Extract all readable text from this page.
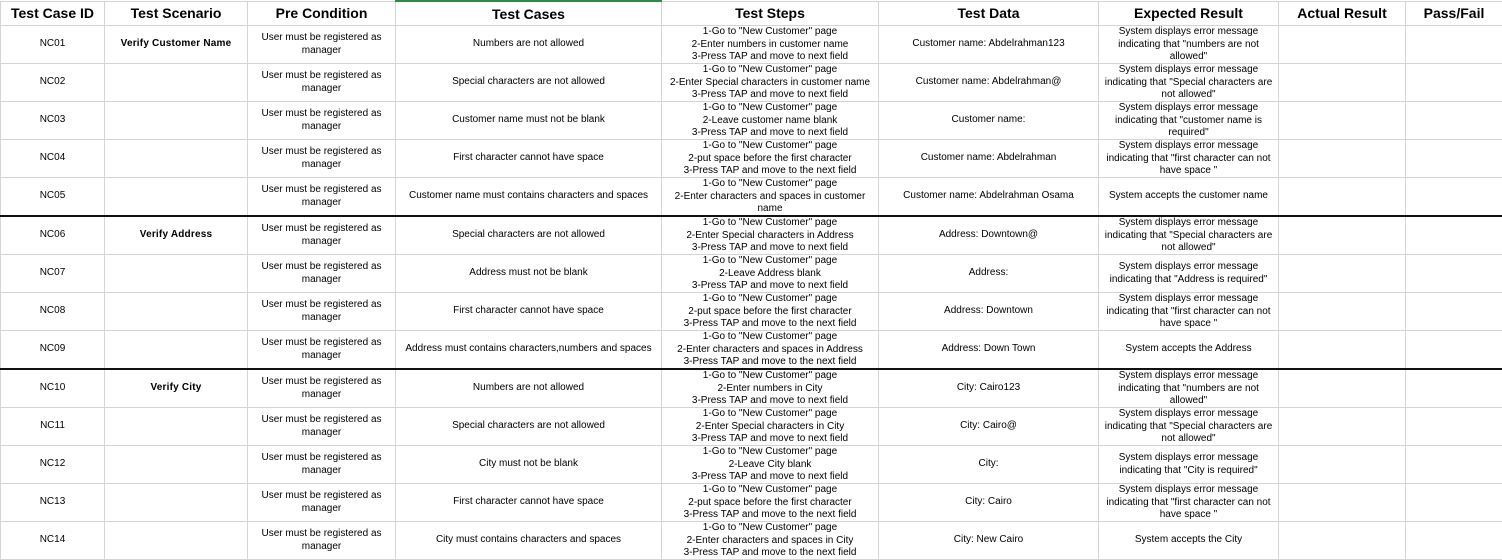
Test Case ID	Test Scenario	Pre Condition	Test Cases	Test Steps	Test Data	Expected Result	Actual Result	Pass/Fail

NC01	Verify Customer Name	User must be registered as manager	Numbers are not allowed	1-Go to "New Customer" page
2-Enter numbers in customer name
3-Press TAP and move to next field	Customer name: Abdelrahman123	System displays error message indicating that "numbers are not allowed"		

NC02		User must be registered as manager	Special characters are not allowed	1-Go to "New Customer" page
2-Enter Special characters in customer name
3-Press TAP and move to next field	Customer name: Abdelrahman@	System displays error message indicating that "Special characters are not allowed"		

NC03		User must be registered as manager	Customer name must not be blank	1-Go to "New Customer" page
2-Leave customer name blank
3-Press TAP and move to next field	Customer name:	System displays error message indicating that "customer name is required"		

NC04		User must be registered as manager	First character cannot have space	1-Go to "New Customer" page
2-put space before the first character
3-Press TAP and move to the next field	Customer name: Abdelrahman	System displays error message indicating that "first character can not have space "		

NC05		User must be registered as manager	Customer name must contains characters and spaces	1-Go to "New Customer" page
2-Enter characters and spaces in customer
name	Customer name: Abdelrahman Osama	System accepts the customer name		

NC06	Verify Address	User must be registered as manager	Special characters are not allowed	1-Go to "New Customer" page
2-Enter Special characters in Address
3-Press TAP and move to next field	Address: Downtown@	System displays error message indicating that "Special characters are not allowed"		

NC07		User must be registered as manager	Address must not be blank	1-Go to "New Customer" page
2-Leave Address blank
3-Press TAP and move to next field	Address:	System displays error message indicating that "Address is required"		

NC08		User must be registered as manager	First character cannot have space	1-Go to "New Customer" page
2-put space before the first character
3-Press TAP and move to the next field	Address: Downtown	System displays error message indicating that "first character can not have space "		

NC09		User must be registered as manager	Address must contains characters,numbers and spaces	1-Go to "New Customer" page
2-Enter characters and spaces in Address
3-Press TAP and move to the next field	Address: Down Town	System accepts the Address		

NC10	Verify City	User must be registered as manager	Numbers are not allowed	1-Go to "New Customer" page
2-Enter numbers in City
3-Press TAP and move to next field	City: Cairo123	System displays error message indicating that "numbers are not allowed"		

NC11		User must be registered as manager	Special characters are not allowed	1-Go to "New Customer" page
2-Enter Special characters in City
3-Press TAP and move to next field	City: Cairo@	System displays error message indicating that "Special characters are not allowed"		

NC12		User must be registered as manager	City must not be blank	1-Go to "New Customer" page
2-Leave City blank
3-Press TAP and move to next field	City:	System displays error message indicating that "City is required"		

NC13		User must be registered as manager	First character cannot have space	1-Go to "New Customer" page
2-put space before the first character
3-Press TAP and move to the next field	City: Cairo	System displays error message indicating that "first character can not have space "		

NC14		User must be registered as manager	City must contains characters and spaces	1-Go to "New Customer" page
2-Enter characters and spaces in City
3-Press TAP and move to the next field	City: New Cairo	System accepts the City		
